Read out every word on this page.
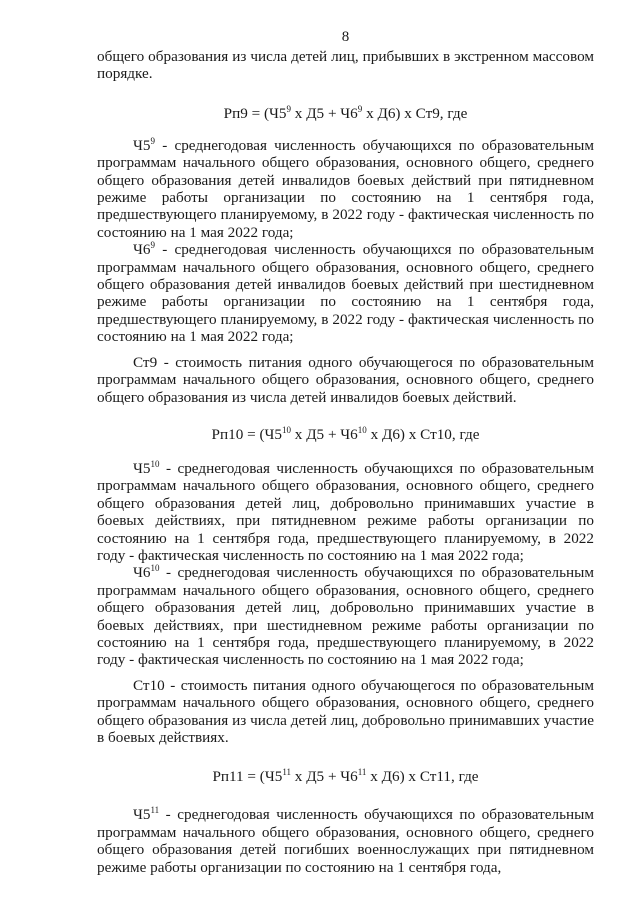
8

общего образования из числа детей лиц, прибывших в экстренном массовом порядке.

$Рп9 = (Ч5^9$ х $Д5 + Ч6^9$ х Д6) х Ст9, где

$Ч5^9$ - среднегодовая численность обучающихся по образовательным программам начального общего образования, основного общего, среднего общего образования детей инвалидов боевых действий при пятидневном режиме работы организации по состоянию на 1 сентября года, предшествующего планируемому, в 2022 году - фактическая численность по состоянию на 1 мая 2022 года;

$Ч6^9$ - среднегодовая численность обучающихся по образовательным программам начального общего образования, основного общего, среднего общего образования детей инвалидов боевых действий при шестидневном режиме работы организации по состоянию на 1 сентября года, предшествующего планируемому, в 2022 году - фактическая численность по состоянию на 1 мая 2022 года;

Ст9 - стоимость питания одного обучающегося по образовательным программам начального общего образования, основного общего, среднего общего образования из числа детей инвалидов боевых действий.

$Рп10 = (Ч5^{10}$ х $Д5 + Ч6^{10}$ х Д6) х Ст10, где

$Ч5^{10}$ - среднегодовая численность обучающихся по образовательным программам начального общего образования, основного общего, среднего общего образования детей лиц, добровольно принимавших участие в боевых действиях, при пятидневном режиме работы организации по состоянию на 1 сентября года, предшествующего планируемому, в 2022 году - фактическая численность по состоянию на 1 мая 2022 года;

$Ч6^{10}$ - среднегодовая численность обучающихся по образовательным программам начального общего образования, основного общего, среднего общего образования детей лиц, добровольно принимавших участие в боевых действиях, при шестидневном режиме работы организации по состоянию на 1 сентября года, предшествующего планируемому, в 2022 году - фактическая численность по состоянию на 1 мая 2022 года;

Ст10 - стоимость питания одного обучающегося по образовательным программам начального общего образования, основного общего, среднего общего образования из числа детей лиц, добровольно принимавших участие в боевых действиях.

$Рп11 = (Ч5^{11}$ х $Д5 + Ч6^{11}$ х Д6) х Ст11, где

$Ч5^{11}$ - среднегодовая численность обучающихся по образовательным программам начального общего образования, основного общего, среднего общего образования детей погибших военнослужащих при пятидневном режиме работы организации по состоянию на 1 сентября года,
